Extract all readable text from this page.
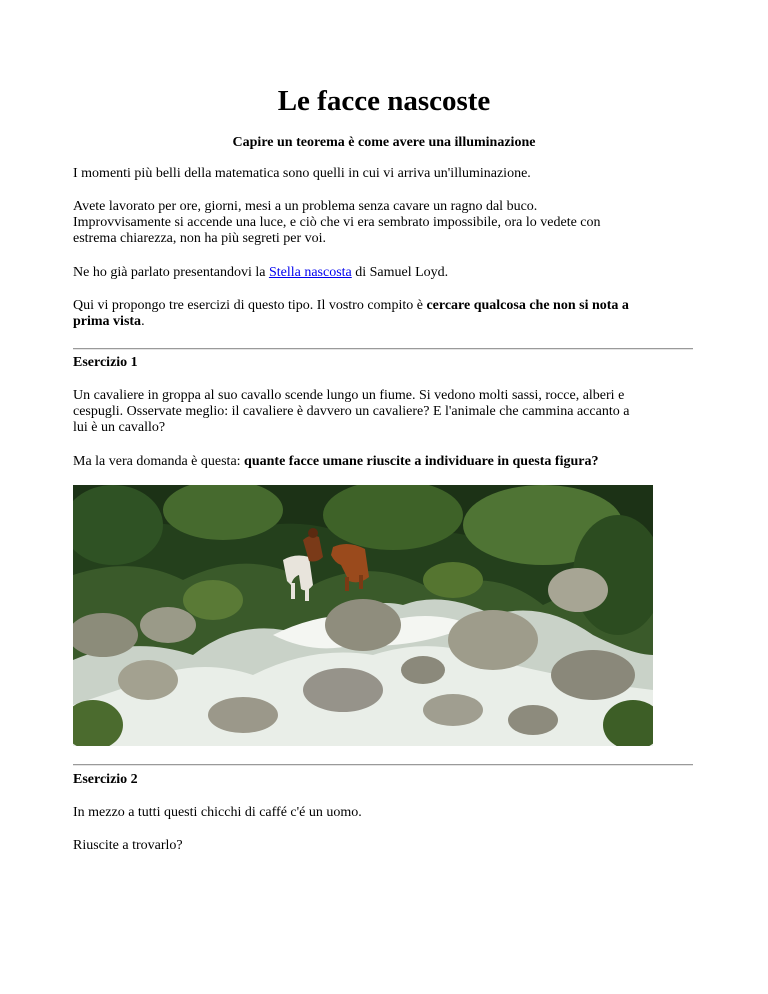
Le facce nascoste
Capire un teorema è come avere una illuminazione

I momenti più belli della matematica sono quelli in cui vi arriva un'illuminazione.

Avete lavorato per ore, giorni, mesi a un problema senza cavare un ragno dal buco.
Improvvisamente si accende una luce, e ciò che vi era sembrato impossibile, ora lo vedete con
estrema chiarezza, non ha più segreti per voi.

Ne ho già parlato presentandovi la Stella nascosta di Samuel Loyd.

Qui vi propongo tre esercizi di questo tipo. Il vostro compito è cercare qualcosa che non si nota a
prima vista.

Esercizio 1

Un cavaliere in groppa al suo cavallo scende lungo un fiume. Si vedono molti sassi, rocce, alberi e
cespugli. Osservate meglio: il cavaliere è davvero un cavaliere? E l'animale che cammina accanto a
lui è un cavallo?

Ma la vera domanda è questa: quante facce umane riuscite a individuare in questa figura?

Esercizio 2

In mezzo a tutti questi chicchi di caffé c'é un uomo.

Riuscite a trovarlo?
